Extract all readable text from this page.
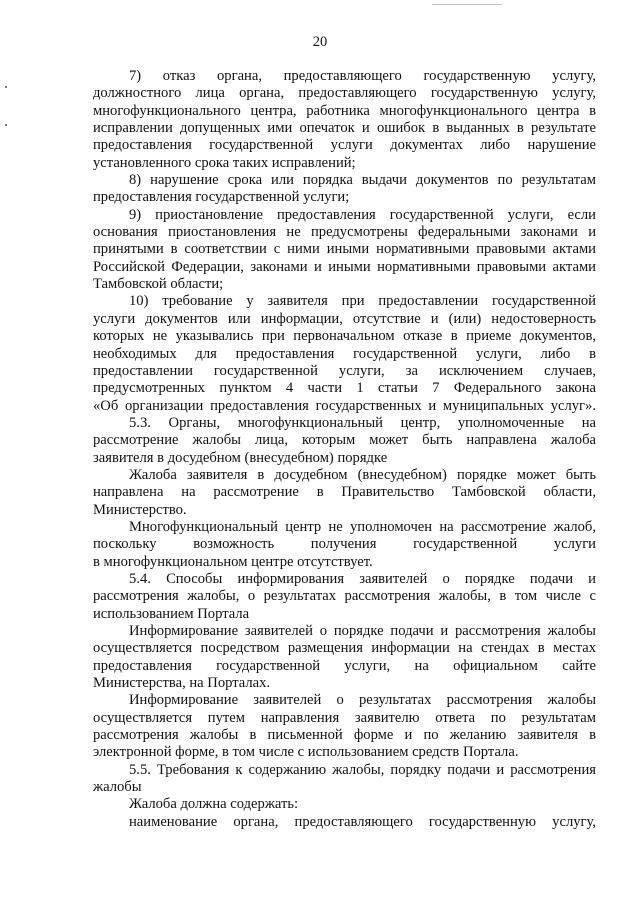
20
7) отказ органа, предоставляющего государственную услугу,
должностного лица органа, предоставляющего государственную услугу,
многофункционального центра, работника многофункционального центра в
исправлении допущенных ими опечаток и ошибок в выданных в результате
предоставления государственной услуги документах либо нарушение
установленного срока таких исправлений;
8) нарушение срока или порядка выдачи документов по результатам
предоставления государственной услуги;
9) приостановление предоставления государственной услуги, если
основания приостановления не предусмотрены федеральными законами и
принятыми в соответствии с ними иными нормативными правовыми актами
Российской Федерации, законами и иными нормативными правовыми актами
Тамбовской области;
10) требование у заявителя при предоставлении государственной
услуги документов или информации, отсутствие и (или) недостоверность
которых не указывались при первоначальном отказе в приеме документов,
необходимых для предоставления государственной услуги, либо в
предоставлении государственной услуги, за исключением случаев,
предусмотренных пунктом 4 части 1 статьи 7 Федерального закона
«Об организации предоставления государственных и муниципальных услуг».
5.3. Органы, многофункциональный центр, уполномоченные на
рассмотрение жалобы лица, которым может быть направлена жалоба
заявителя в досудебном (внесудебном) порядке
Жалоба заявителя в досудебном (внесудебном) порядке может быть
направлена на рассмотрение в Правительство Тамбовской области,
Министерство.
Многофункциональный центр не уполномочен на рассмотрение жалоб,
поскольку возможность получения государственной услуги
в многофункциональном центре отсутствует.
5.4. Способы информирования заявителей о порядке подачи и
рассмотрения жалобы, о результатах рассмотрения жалобы, в том числе с
использованием Портала
Информирование заявителей о порядке подачи и рассмотрения жалобы
осуществляется посредством размещения информации на стендах в местах
предоставления государственной услуги, на официальном сайте
Министерства, на Порталах.
Информирование заявителей о результатах рассмотрения жалобы
осуществляется путем направления заявителю ответа по результатам
рассмотрения жалобы в письменной форме и по желанию заявителя в
электронной форме, в том числе с использованием средств Портала.
5.5. Требования к содержанию жалобы, порядку подачи и рассмотрения
жалобы
Жалоба должна содержать:
наименование органа, предоставляющего государственную услугу,
